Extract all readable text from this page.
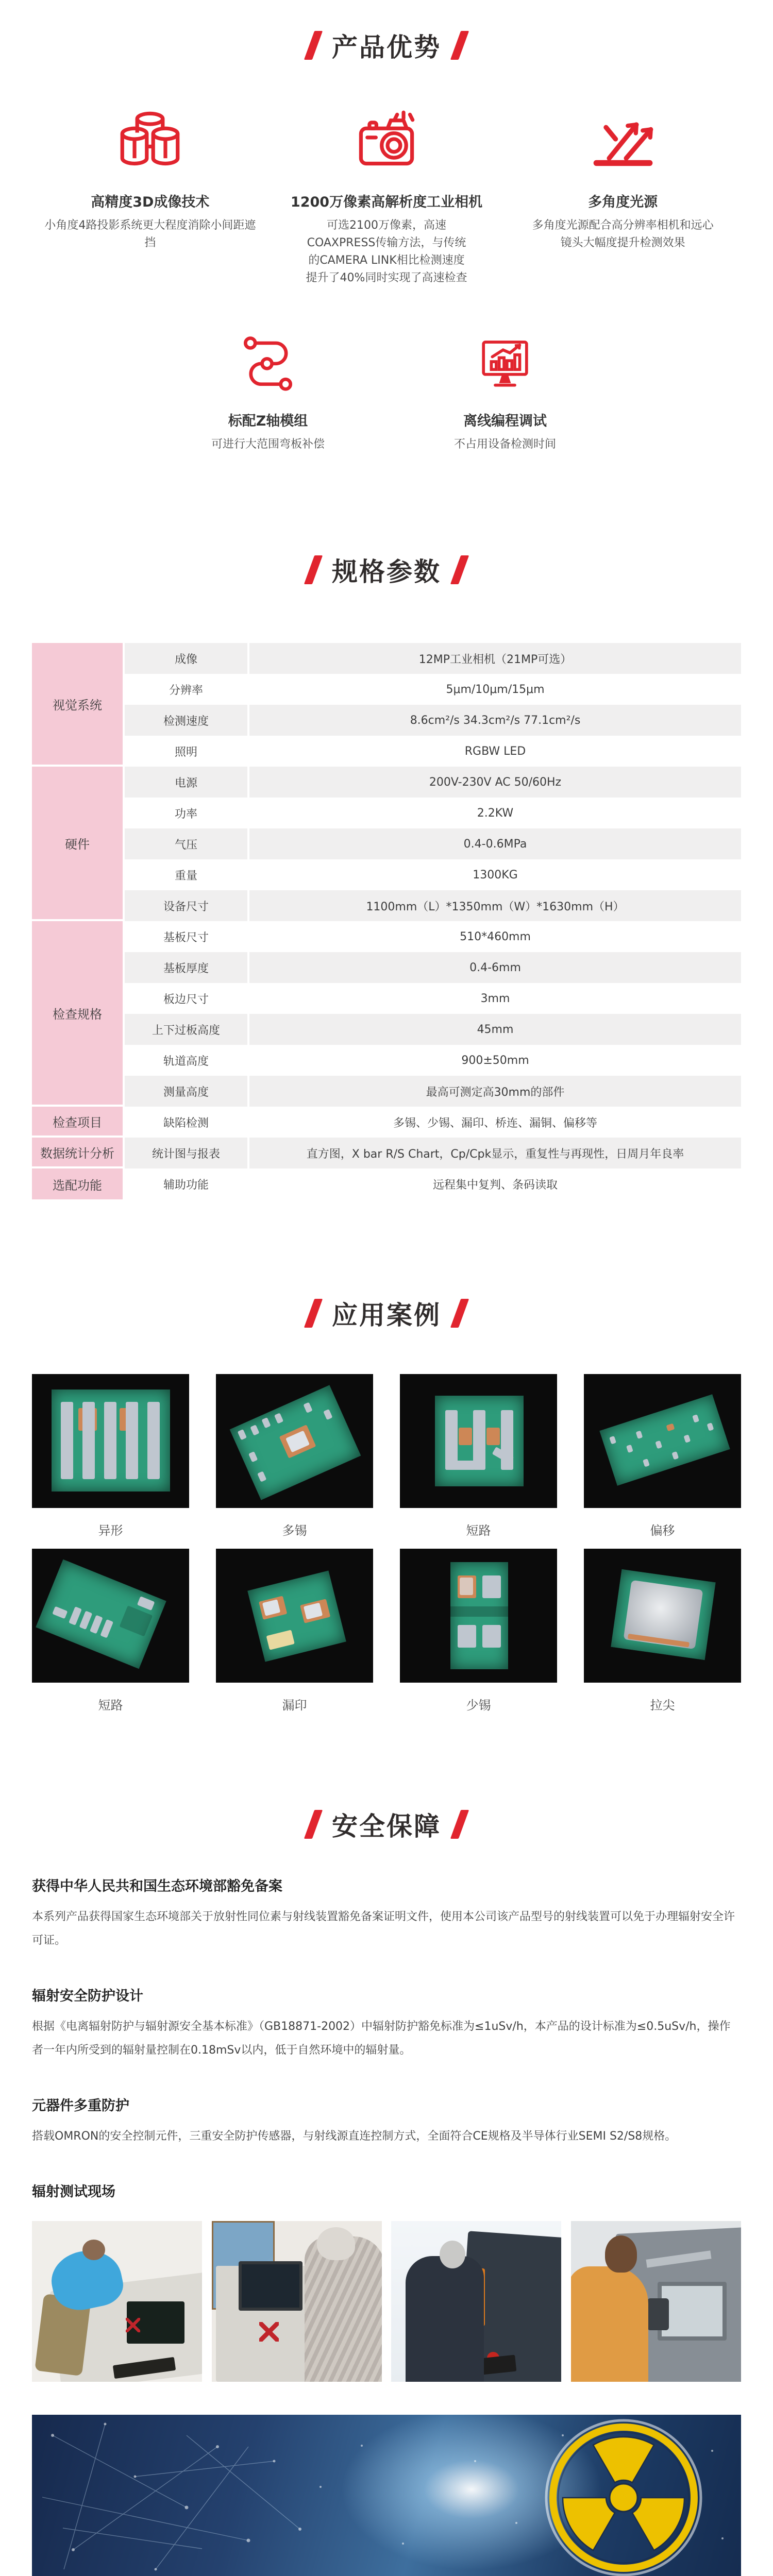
产品优势
高精度3D成像技术

小角度4路投影系统更大程度消除小间距遮挡

1200万像素高解析度工业相机

可选2100万像素，高速COAXPRESS传输方法，与传统的CAMERA LINK相比检测速度提升了40%同时实现了高速检查

多角度光源

多角度光源配合高分辨率相机和远心镜头大幅度提升检测效果

标配Z轴模组

可进行大范围弯板补偿

离线编程调试

不占用设备检测时间

规格参数
视觉系统
成像	12MP工业相机（21MP可选）
分辨率	5μm/10μm/15μm
检测速度	8.6cm²/s 34.3cm²/s 77.1cm²/s
照明	RGBW LED
硬件
电源	200V-230V AC 50/60Hz
功率	2.2KW
气压	0.4-0.6MPa
重量	1300KG
设备尺寸	1100mm（L）*1350mm（W）*1630mm（H）
检查规格
基板尺寸	510*460mm
基板厚度	0.4-6mm
板边尺寸	3mm
上下过板高度	45mm
轨道高度	900±50mm
测量高度	最高可测定高30mm的部件
检查项目	缺陷检测	多锡、少锡、漏印、桥连、漏铜、偏移等
数据统计分析	统计图与报表	直方图，X bar R/S Chart，Cp/Cpk显示，重复性与再现性，日周月年良率
选配功能	辅助功能	远程集中复判、条码读取
应用案例
异形	多锡	短路	偏移
短路	漏印	少锡	拉尖
安全保障
获得中华人民共和国生态环境部豁免备案

本系列产品获得国家生态环境部关于放射性同位素与射线装置豁免备案证明文件，使用本公司该产品型号的射线装置可以免于办理辐射安全许可证。

辐射安全防护设计

根据《电离辐射防护与辐射源安全基本标准》（GB18871-2002）中辐射防护豁免标准为≤1uSv/h，本产品的设计标准为≤0.5uSv/h，操作者一年内所受到的辐射量控制在0.18mSv以内，低于自然环境中的辐射量。

元器件多重防护

搭载OMRON的安全控制元件，三重安全防护传感器，与射线源直连控制方式，全面符合CE规格及半导体行业SEMI S2/S8规格。

辐射测试现场
